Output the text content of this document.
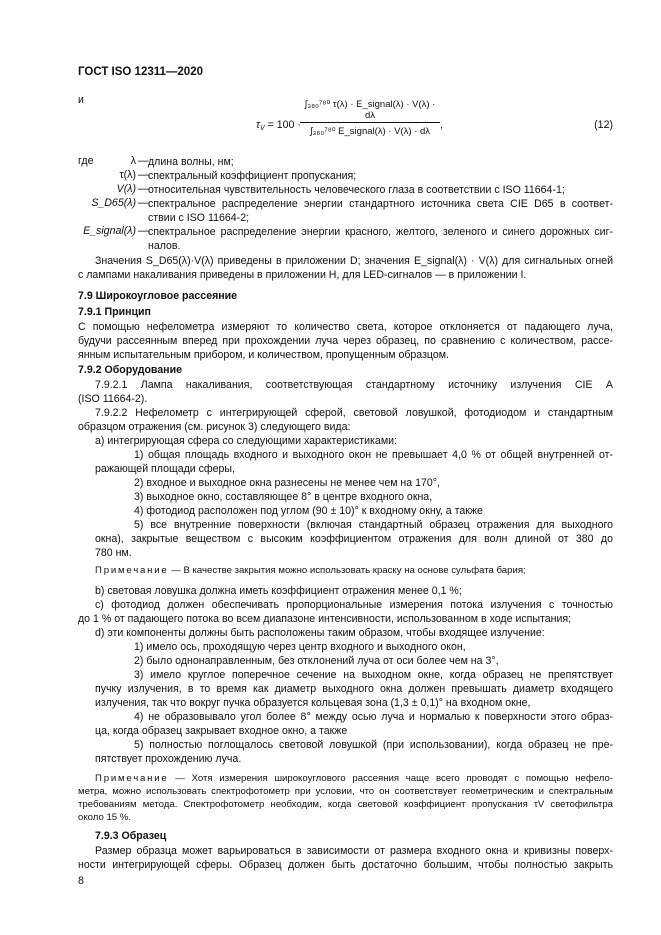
ГОСТ ISO 12311—2020
и
$\tau_V = 100$ ·
∫₃₈₀⁷⁸⁰ τ(λ) · E_signal(λ) · V(λ) · dλ
∫₃₈₀⁷⁸⁰ E_signal(λ) · V(λ) · dλ
,	(12)
где	λ — длина волны, нм;
τ(λ) — спектральный коэффициент пропускания;
V(λ) — относительная чувствительность человеческого глаза в соответствии с ISO 11664-1;
S_D65(λ) — спектральное распределение энергии стандартного источника света CIE D65 в соответ-
ствии с ISO 11664-2;
E_signal(λ) — спектральное распределение энергии красного, желтого, зеленого и синего дорожных сиг-
налов.
Значения S_D65(λ)·V(λ) приведены в приложении D; значения E_signal(λ) · V(λ) для сигнальных огней
с лампами накаливания приведены в приложении Н, для LED-сигналов — в приложении I.
7.9 Широкоугловое рассеяние
7.9.1 Принцип
С помощью нефелометра измеряют то количество света, которое отклоняется от падающего луча,
будучи рассеянным вперед при прохождении луча через образец, по сравнению с количеством, рассе-
янным испытательным прибором, и количеством, пропущенным образцом.
7.9.2 Оборудование
7.9.2.1 Лампа накаливания, соответствующая стандартному источнику излучения CIE А
(ISO 11664-2).
7.9.2.2 Нефелометр с интегрирующей сферой, световой ловушкой, фотодиодом и стандартным
образцом отражения (см. рисунок 3) следующего вида:
а) интегрирующая сфера со следующими характеристиками:
1) общая площадь входного и выходного окон не превышает 4,0 % от общей внутренней от-
ражающей площади сферы,
2) входное и выходное окна разнесены не менее чем на 170°,
3) выходное окно, составляющее 8° в центре входного окна,
4) фотодиод расположен под углом (90 ± 10)° к входному окну, а также
5) все внутренние поверхности (включая стандартный образец отражения для выходного
окна), закрытые веществом с высоким коэффициентом отражения для волн длиной от 380 до
780 нм.
Примечание — В качестве закрытия можно использовать краску на основе сульфата бария;
b) световая ловушка должна иметь коэффициент отражения менее 0,1 %;
с) фотодиод должен обеспечивать пропорциональные измерения потока излучения с точностью
до 1 % от падающего потока во всем диапазоне интенсивности, использованном в ходе испытания;
d) эти компоненты должны быть расположены таким образом, чтобы входящее излучение:
1) имело ось, проходящую через центр входного и выходного окон,
2) было однонаправленным, без отклонений луча от оси более чем на 3°,
3) имело круглое поперечное сечение на выходном окне, когда образец не препятствует
пучку излучения, в то время как диаметр выходного окна должен превышать диаметр входящего
излучения, так что вокруг пучка образуется кольцевая зона (1,3 ± 0,1)° на входном окне,
4) не образовывало угол более 8° между осью луча и нормалью к поверхности этого образ-
ца, когда образец закрывает входное окно, а также
5) полностью поглощалось световой ловушкой (при использовании), когда образец не пре-
пятствует прохождению луча.
Примечание — Хотя измерения широкоуглового рассеяния чаще всего проводят с помощью нефело-
метра, можно использовать спектрофотометр при условии, что он соответствует геометрическим и спектральным
требованиям метода. Спектрофотометр необходим, когда световой коэффициент пропускания τV светофильтра
около 15 %.
7.9.3 Образец
Размер образца может варьироваться в зависимости от размера входного окна и кривизны поверх-
ности интегрирующей сферы. Образец должен быть достаточно большим, чтобы полностью закрыть
8
